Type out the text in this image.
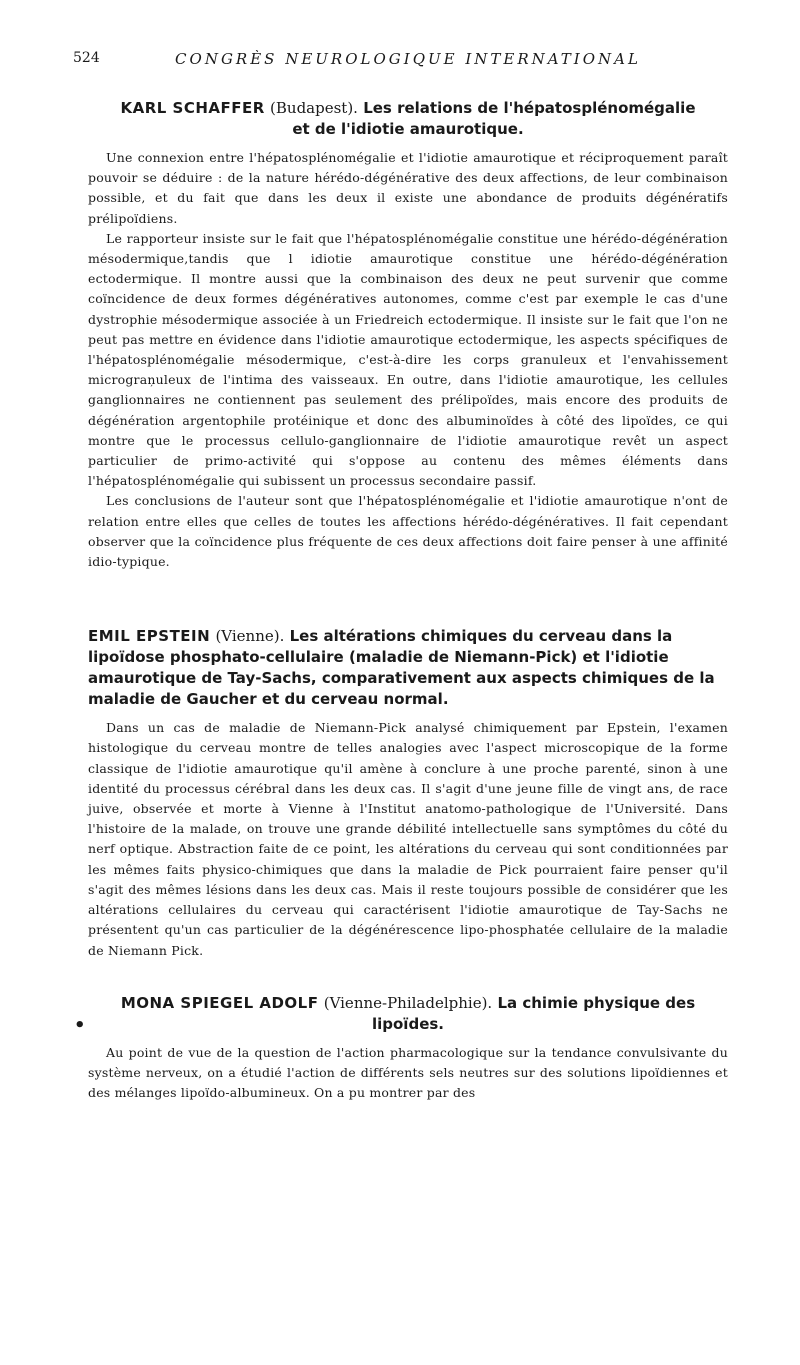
524	CONGRÈS NEUROLOGIQUE INTERNATIONAL

KARL SCHAFFER (Budapest). Les relations de l'hépatosplénomégalie
et de l'idiotie amaurotique.

Une connexion entre l'hépatosplénomégalie et l'idiotie amaurotique et réciproquement paraît pouvoir se déduire : de la nature hérédo-dégénérative des deux affections, de leur combinaison possible, et du fait que dans les deux il existe une abondance de produits dégénératifs prélipoïdiens.

Le rapporteur insiste sur le fait que l'hépatosplénomégalie constitue une hérédo-dégénération mésodermique,tandis que l idiotie amaurotique constitue une hérédo-dégénération ectodermique. Il montre aussi que la combinaison des deux ne peut survenir que comme coïncidence de deux formes dégénératives autonomes, comme c'est par exemple le cas d'une dystrophie mésodermique associée à un Friedreich ectodermique. Il insiste sur le fait que l'on ne peut pas mettre en évidence dans l'idiotie amaurotique ectodermique, les aspects spécifiques de l'hépatosplénomégalie mésodermique, c'est-à-dire les corps granuleux et l'envahissement micrograņuleux de l'intima des vaisseaux. En outre, dans l'idiotie amaurotique, les cellules ganglionnaires ne contiennent pas seulement des prélipoïdes, mais encore des produits de dégénération argentophile protéinique et donc des albuminoïdes à côté des lipoïdes, ce qui montre que le processus cellulo-ganglionnaire de l'idiotie amaurotique revêt un aspect particulier de primo-activité qui s'oppose au contenu des mêmes éléments dans l'hépatosplénomégalie qui subissent un processus secondaire passif.

Les conclusions de l'auteur sont que l'hépatosplénomégalie et l'idiotie amaurotique n'ont de relation entre elles que celles de toutes les affections hérédo-dégénératives. Il fait cependant observer que la coïncidence plus fréquente de ces deux affections doit faire penser à une affinité idio-typique.

EMIL EPSTEIN (Vienne). Les altérations chimiques du cerveau dans la lipoïdose phosphato-cellulaire (maladie de Niemann-Pick) et l'idiotie amaurotique de Tay-Sachs, comparativement aux aspects chimiques de la maladie de Gaucher et du cerveau normal.

Dans un cas de maladie de Niemann-Pick analysé chimiquement par Epstein, l'examen histologique du cerveau montre de telles analogies avec l'aspect microscopique de la forme classique de l'idiotie amaurotique qu'il amène à conclure à une proche parenté, sinon à une identité du processus cérébral dans les deux cas. Il s'agit d'une jeune fille de vingt ans, de race juive, observée et morte à Vienne à l'Institut anatomo-pathologique de l'Université. Dans l'histoire de la malade, on trouve une grande débilité intellectuelle sans symptômes du côté du nerf optique. Abstraction faite de ce point, les altérations du cerveau qui sont conditionnées par les mêmes faits physico-chimiques que dans la maladie de Pick pourraient faire penser qu'il s'agit des mêmes lésions dans les deux cas. Mais il reste toujours possible de considérer que les altérations cellulaires du cerveau qui caractérisent l'idiotie amaurotique de Tay-Sachs ne présentent qu'un cas particulier de la dégénérescence lipo-phosphatée cellulaire de la maladie de Niemann Pick.

•
MONA SPIEGEL ADOLF (Vienne-Philadelphie). La chimie physique des
lipoïdes.

Au point de vue de la question de l'action pharmacologique sur la tendance convulsivante du système nerveux, on a étudié l'action de différents sels neutres sur des solutions lipoïdiennes et des mélanges lipoïdo-albumineux. On a pu montrer par des
